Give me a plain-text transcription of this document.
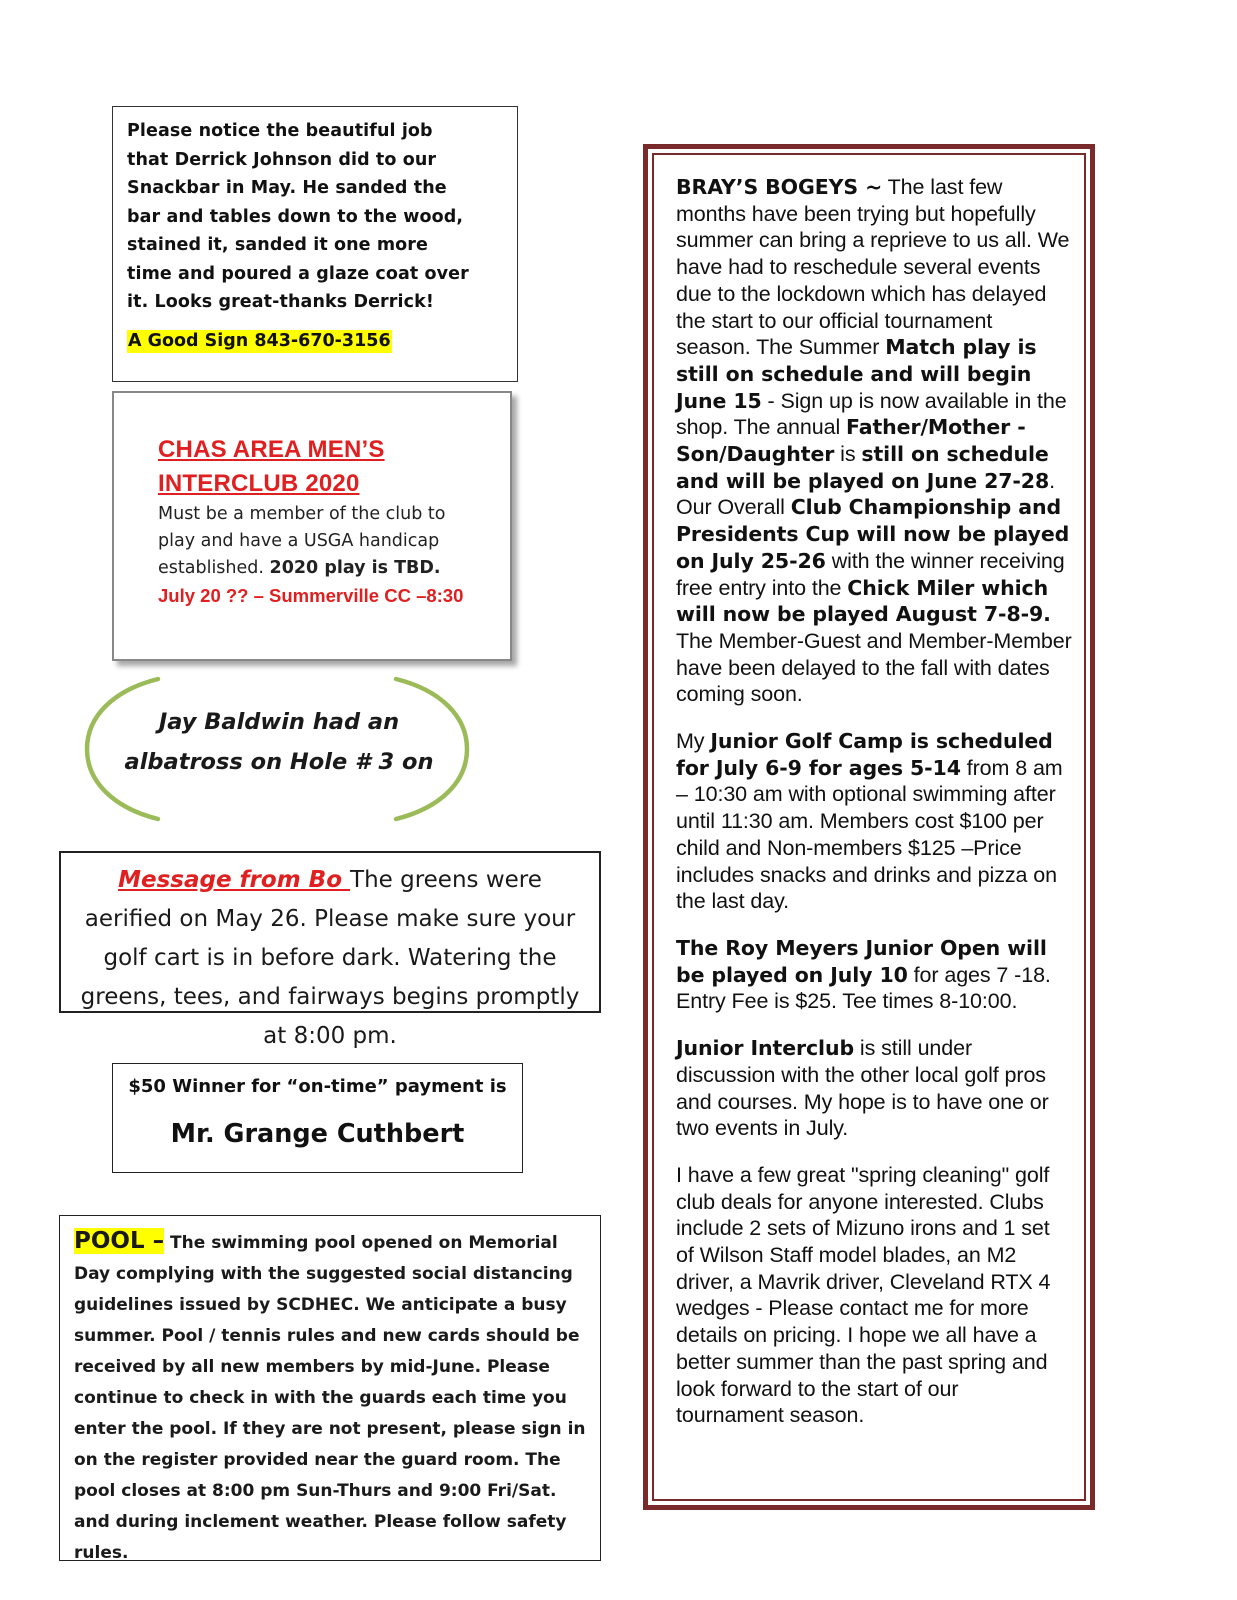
Please notice the beautiful job
that Derrick Johnson did to our
Snackbar in May. He sanded the
bar and tables down to the wood,
stained it, sanded it one more
time and poured a glaze coat over
it. Looks great-thanks Derrick!
A Good Sign 843-670-3156
CHAS AREA MEN’S
INTERCLUB 2020
Must be a member of the club to
play and have a USGA handicap
established. 2020 play is TBD.
July 20 ?? – Summerville CC –8:30
Jay Baldwin had an
albatross on Hole # 3 on
Message from Bo The greens were aerified on May 26. Please make sure your golf cart is in before dark. Watering the greens, tees, and fairways begins promptly at 8:00 pm.
$50 Winner for “on-time” payment is
Mr. Grange Cuthbert
POOL – The swimming pool opened on Memorial Day complying with the suggested social distancing guidelines issued by SCDHEC. We anticipate a busy summer. Pool / tennis rules and new cards should be received by all new members by mid-June. Please continue to check in with the guards each time you enter the pool. If they are not present, please sign in on the register provided near the guard room. The pool closes at 8:00 pm Sun-Thurs and 9:00 Fri/Sat. and during inclement weather. Please follow safety rules.

BRAY’S BOGEYS ~ The last few months have been trying but hopefully summer can bring a reprieve to us all. We have had to reschedule several events due to the lockdown which has delayed the start to our official tournament season. The Summer Match play is still on schedule and will begin June 15 - Sign up is now available in the shop. The annual Father/Mother - Son/Daughter is still on schedule and will be played on June 27-28. Our Overall Club Championship and Presidents Cup will now be played on July 25-26 with the winner receiving free entry into the Chick Miler which will now be played August 7-8-9. The Member-Guest and Member-Member have been delayed to the fall with dates coming soon.

My Junior Golf Camp is scheduled for July 6-9 for ages 5-14 from 8 am – 10:30 am with optional swimming after until 11:30 am. Members cost $100 per child and Non-members $125 –Price includes snacks and drinks and pizza on the last day.

The Roy Meyers Junior Open will be played on July 10 for ages 7 -18. Entry Fee is $25. Tee times 8-10:00.

Junior Interclub is still under discussion with the other local golf pros and courses. My hope is to have one or two events in July.

I have a few great "spring cleaning" golf club deals for anyone interested. Clubs include 2 sets of Mizuno irons and 1 set of Wilson Staff model blades, an M2 driver, a Mavrik driver, Cleveland RTX 4 wedges - Please contact me for more details on pricing. I hope we all have a better summer than the past spring and look forward to the start of our tournament season.
